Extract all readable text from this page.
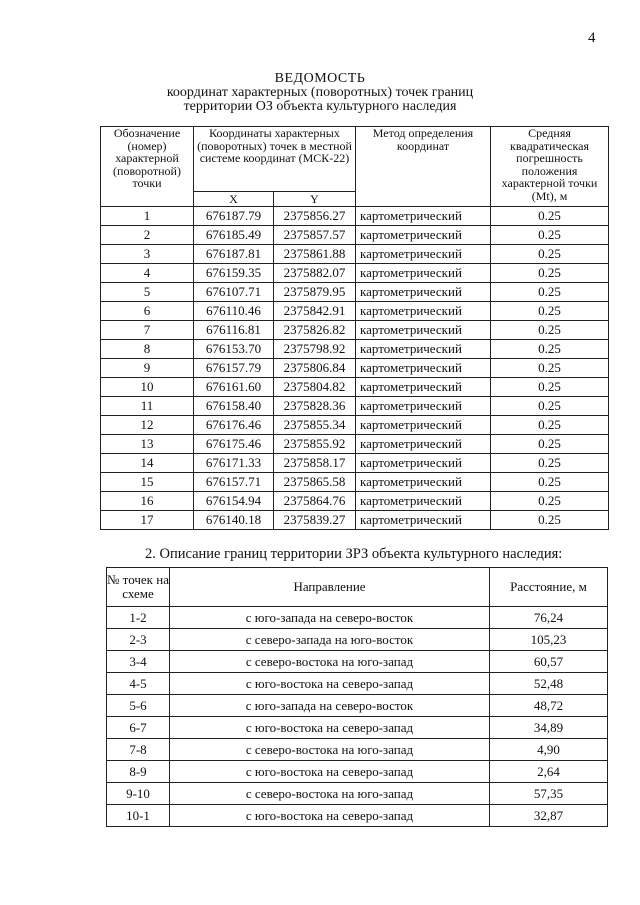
4
ВЕДОМОСТЬ
координат характерных (поворотных) точек границ
территории ОЗ объекта культурного наследия
Обозначение (номер) характерной (поворотной) точки	Координаты характерных (поворотных) точек в местной системе координат (МСК-22)		Метод определения координат	Средняя квадратическая погрешность положения характерной точки (Mt), м
	X	Y		
1	676187.79	2375856.27	картометрический	0.25
2	676185.49	2375857.57	картометрический	0.25
3	676187.81	2375861.88	картометрический	0.25
4	676159.35	2375882.07	картометрический	0.25
5	676107.71	2375879.95	картометрический	0.25
6	676110.46	2375842.91	картометрический	0.25
7	676116.81	2375826.82	картометрический	0.25
8	676153.70	2375798.92	картометрический	0.25
9	676157.79	2375806.84	картометрический	0.25
10	676161.60	2375804.82	картометрический	0.25
11	676158.40	2375828.36	картометрический	0.25
12	676176.46	2375855.34	картометрический	0.25
13	676175.46	2375855.92	картометрический	0.25
14	676171.33	2375858.17	картометрический	0.25
15	676157.71	2375865.58	картометрический	0.25
16	676154.94	2375864.76	картометрический	0.25
17	676140.18	2375839.27	картометрический	0.25
2. Описание границ территории ЗРЗ объекта культурного наследия:
№ точек на схеме	Направление	Расстояние, м
1-2	с юго-запада на северо-восток	76,24
2-3	с северо-запада на юго-восток	105,23
3-4	с северо-востока на юго-запад	60,57
4-5	с юго-востока на северо-запад	52,48
5-6	с юго-запада на северо-восток	48,72
6-7	с юго-востока на северо-запад	34,89
7-8	с северо-востока на юго-запад	4,90
8-9	с юго-востока на северо-запад	2,64
9-10	с северо-востока на юго-запад	57,35
10-1	с юго-востока на северо-запад	32,87
